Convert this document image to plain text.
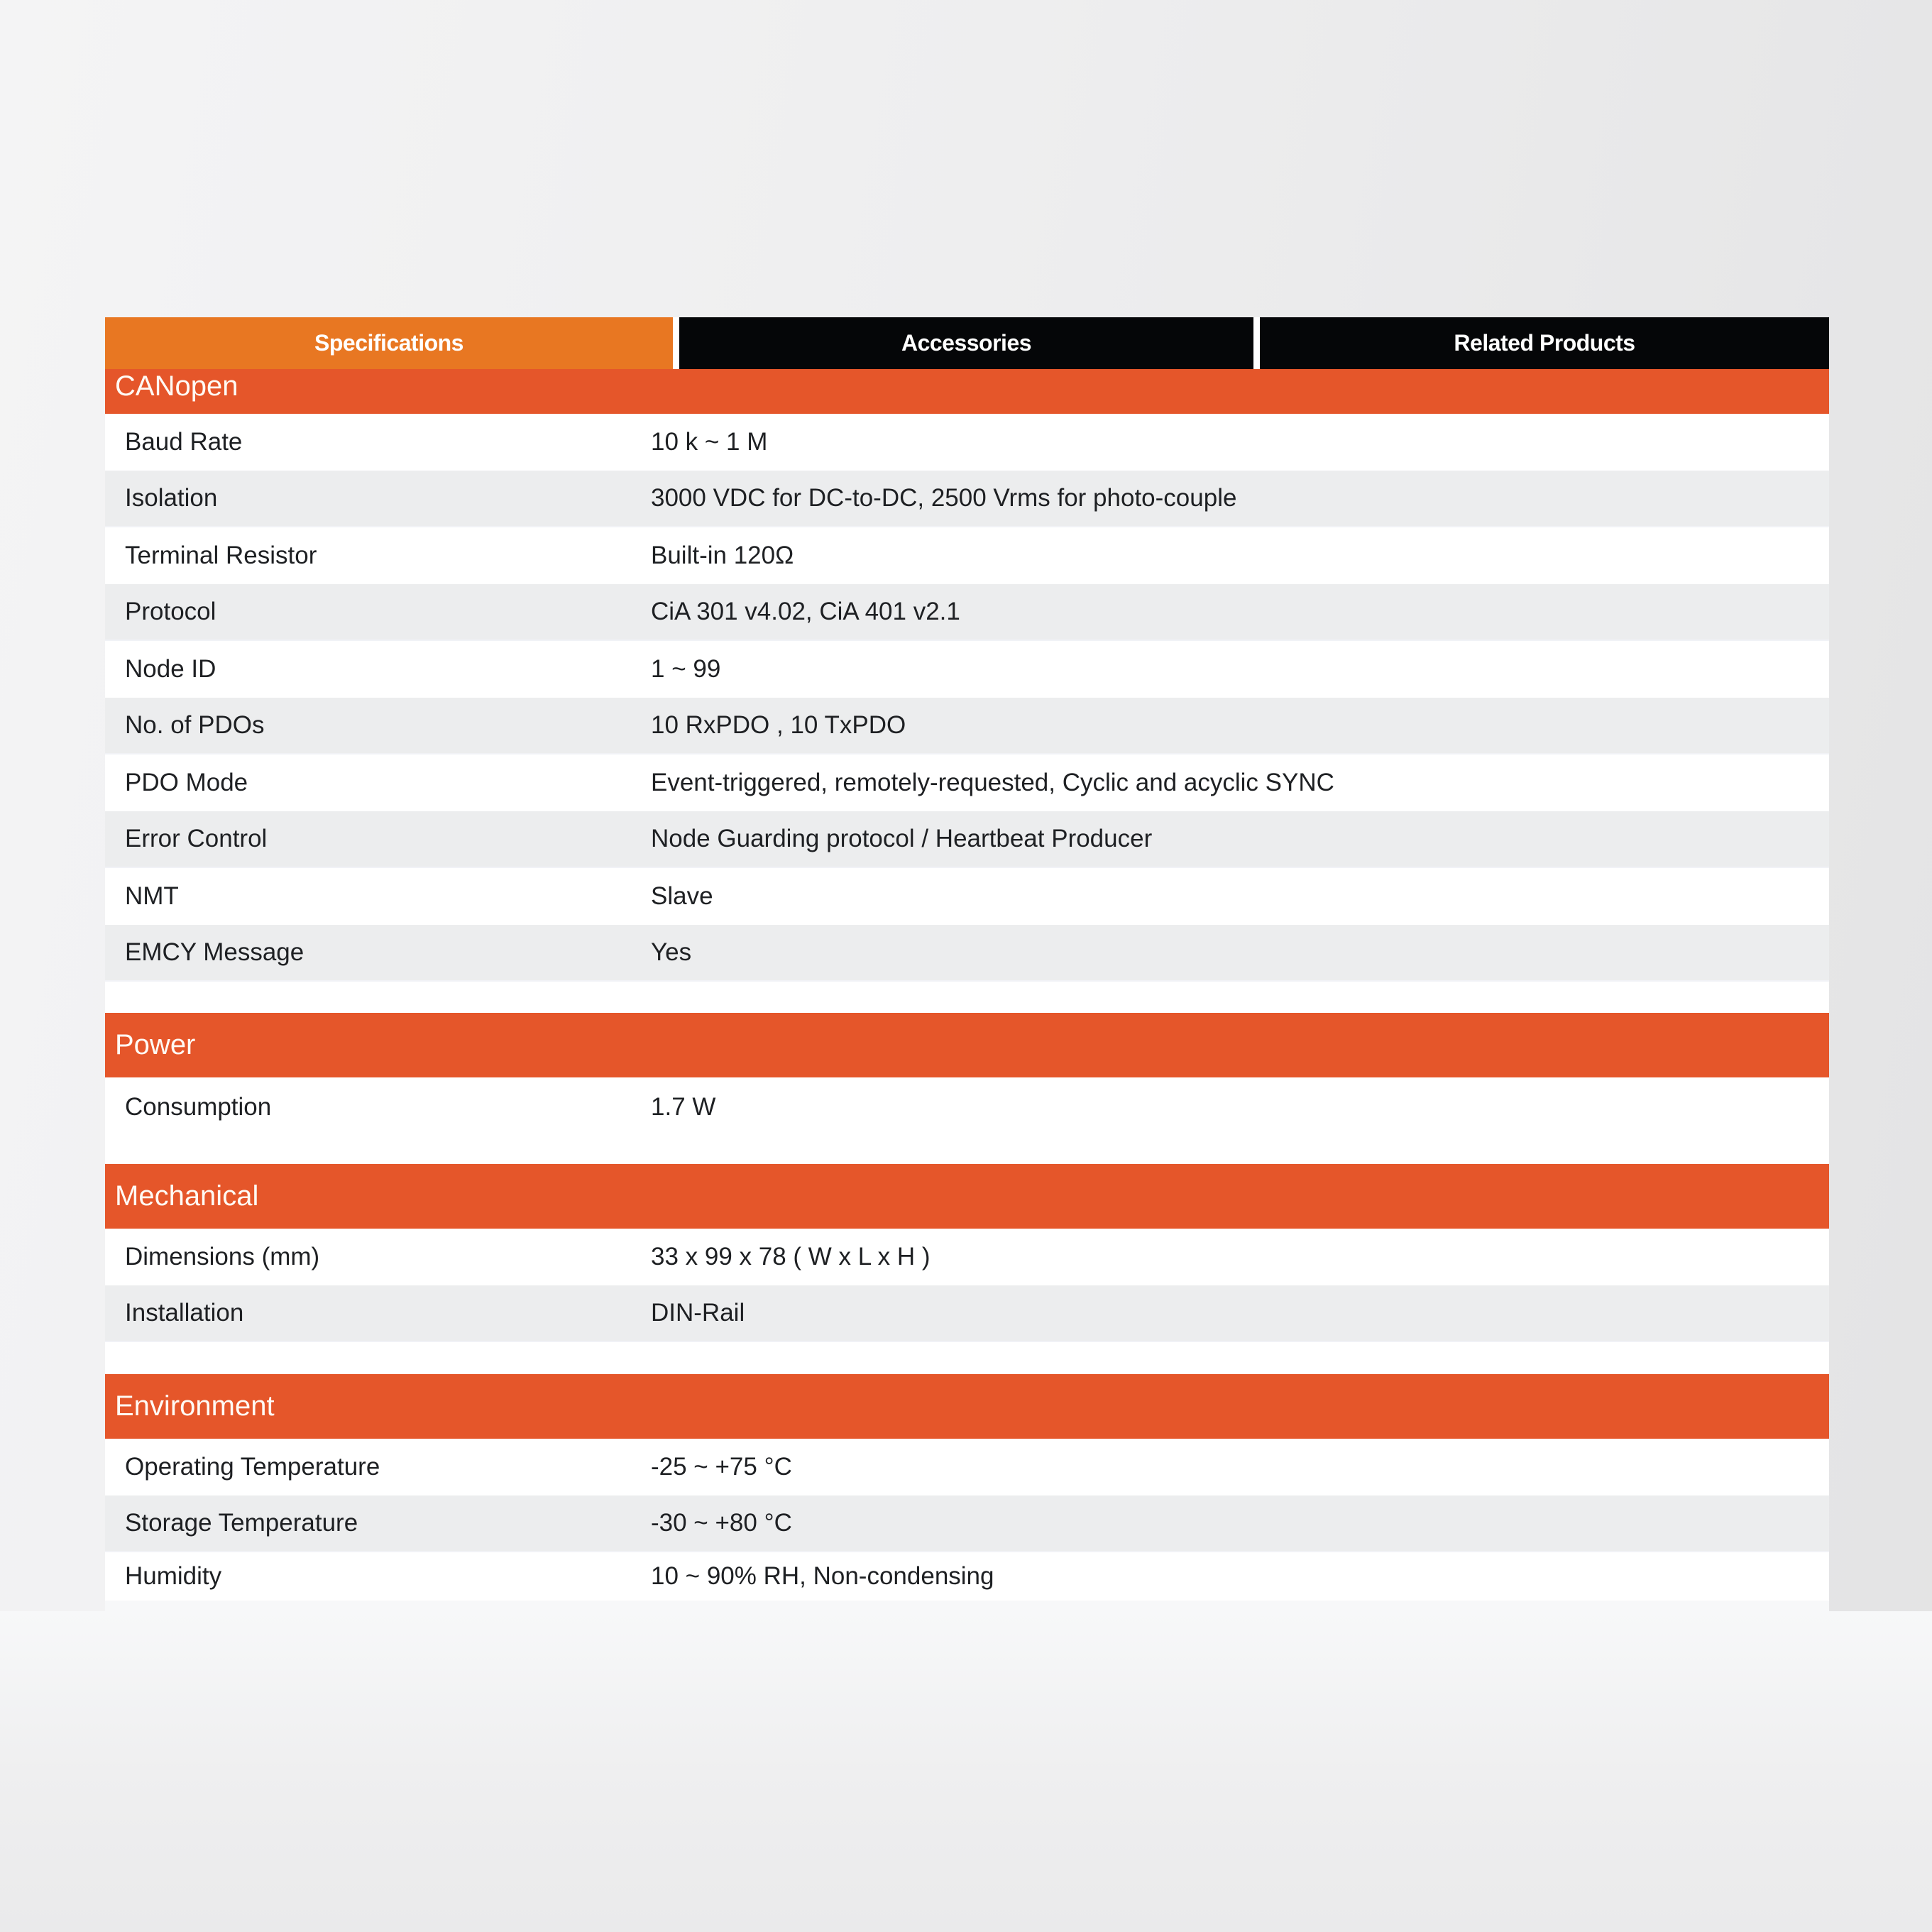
Specifications	Accessories	Related Products
CANopen
Baud Rate	10 k ~ 1 M
Isolation	3000 VDC for DC-to-DC, 2500 Vrms for photo-couple
Terminal Resistor	Built-in 120Ω
Protocol	CiA 301 v4.02, CiA 401 v2.1
Node ID	1 ~ 99
No. of PDOs	10 RxPDO , 10 TxPDO
PDO Mode	Event-triggered, remotely-requested, Cyclic and acyclic SYNC
Error Control	Node Guarding protocol / Heartbeat Producer
NMT	Slave
EMCY Message	Yes
Power
Consumption	1.7 W
Mechanical
Dimensions (mm)	33 x 99 x 78 ( W x L x H )
Installation	DIN-Rail
Environment
Operating Temperature	-25 ~ +75 °C
Storage Temperature	-30 ~ +80 °C
Humidity	10 ~ 90% RH, Non-condensing
